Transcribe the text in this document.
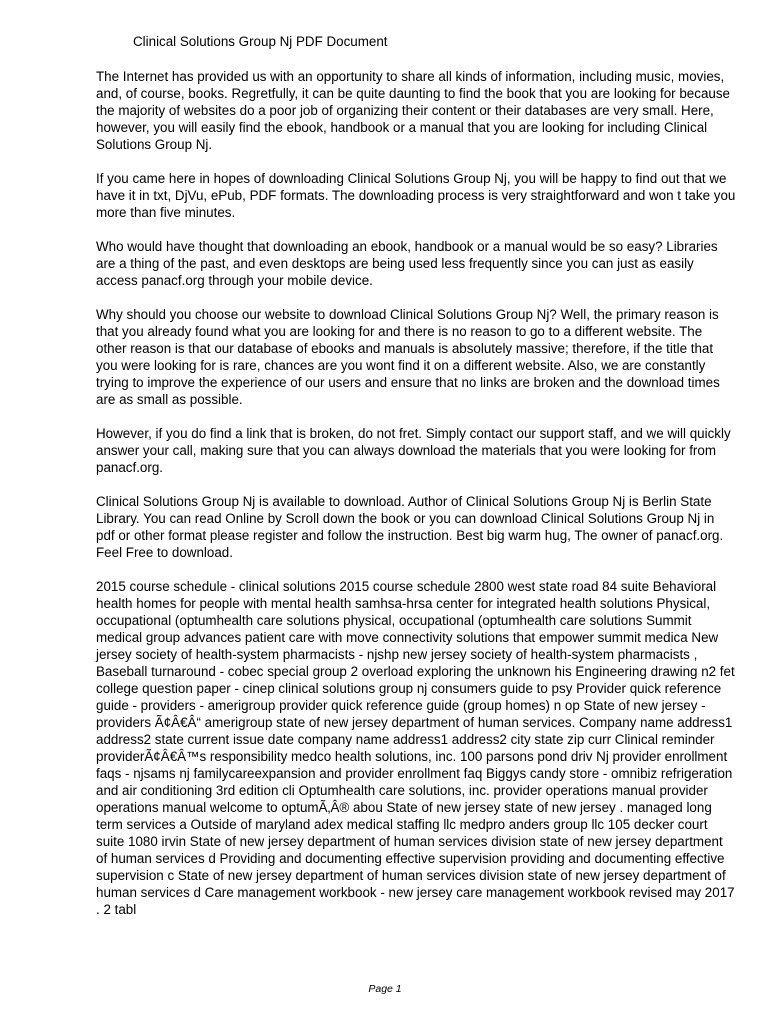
Clinical Solutions Group Nj PDF Document

The Internet has provided us with an opportunity to share all kinds of information, including music, movies, and, of course, books. Regretfully, it can be quite daunting to find the book that you are looking for because the majority of websites do a poor job of organizing their content or their databases are very small. Here, however, you will easily find the ebook, handbook or a manual that you are looking for including Clinical Solutions Group Nj.

If you came here in hopes of downloading Clinical Solutions Group Nj, you will be happy to find out that we have it in txt, DjVu, ePub, PDF formats. The downloading process is very straightforward and won t take you more than five minutes.

Who would have thought that downloading an ebook, handbook or a manual would be so easy? Libraries are a thing of the past, and even desktops are being used less frequently since you can just as easily access panacf.org through your mobile device.

Why should you choose our website to download Clinical Solutions Group Nj? Well, the primary reason is that you already found what you are looking for and there is no reason to go to a different website. The other reason is that our database of ebooks and manuals is absolutely massive; therefore, if the title that you were looking for is rare, chances are you wont find it on a different website. Also, we are constantly trying to improve the experience of our users and ensure that no links are broken and the download times are as small as possible.

However, if you do find a link that is broken, do not fret. Simply contact our support staff, and we will quickly answer your call, making sure that you can always download the materials that you were looking for from panacf.org.

Clinical Solutions Group Nj is available to download. Author of Clinical Solutions Group Nj is Berlin State Library. You can read Online by Scroll down the book or you can download Clinical Solutions Group Nj in pdf or other format please register and follow the instruction. Best big warm hug, The owner of panacf.org. Feel Free to download.

2015 course schedule - clinical solutions 2015 course schedule 2800 west state road 84 suite Behavioral health homes for people with mental health samhsa-hrsa center for integrated health solutions Physical, occupational (optumhealth care solutions physical, occupational (optumhealth care solutions Summit medical group advances patient care with move connectivity solutions that empower summit medica New jersey society of health-system pharmacists - njshp new jersey society of health-system pharmacists , Baseball turnaround - cobec special group 2 overload exploring the unknown his Engineering drawing n2 fet college question paper - cinep clinical solutions group nj consumers guide to psy Provider quick reference guide - providers - amerigroup provider quick reference guide (group homes) n op State of new jersey - providers Ã¢Â€Â“ amerigroup state of new jersey department of human services. Company name address1 address2 state current issue date company name address1 address2 city state zip curr Clinical reminder providerÃ¢Â€Â™s responsibility medco health solutions, inc. 100 parsons pond driv Nj provider enrollment faqs - njsams nj familycareexpansion and provider enrollment faq Biggys candy store - omnibiz refrigeration and air conditioning 3rd edition cli Optumhealth care solutions, inc. provider operations manual provider operations manual welcome to optumÃ‚Â® abou State of new jersey state of new jersey . managed long term services a Outside of maryland adex medical staffing llc medpro anders group llc 105 decker court suite 1080 irvin State of new jersey department of human services division state of new jersey department of human services d Providing and documenting effective supervision providing and documenting effective supervision c State of new jersey department of human services division state of new jersey department of human services d Care management workbook - new jersey care management workbook revised may 2017 . 2 tabl

Page 1
